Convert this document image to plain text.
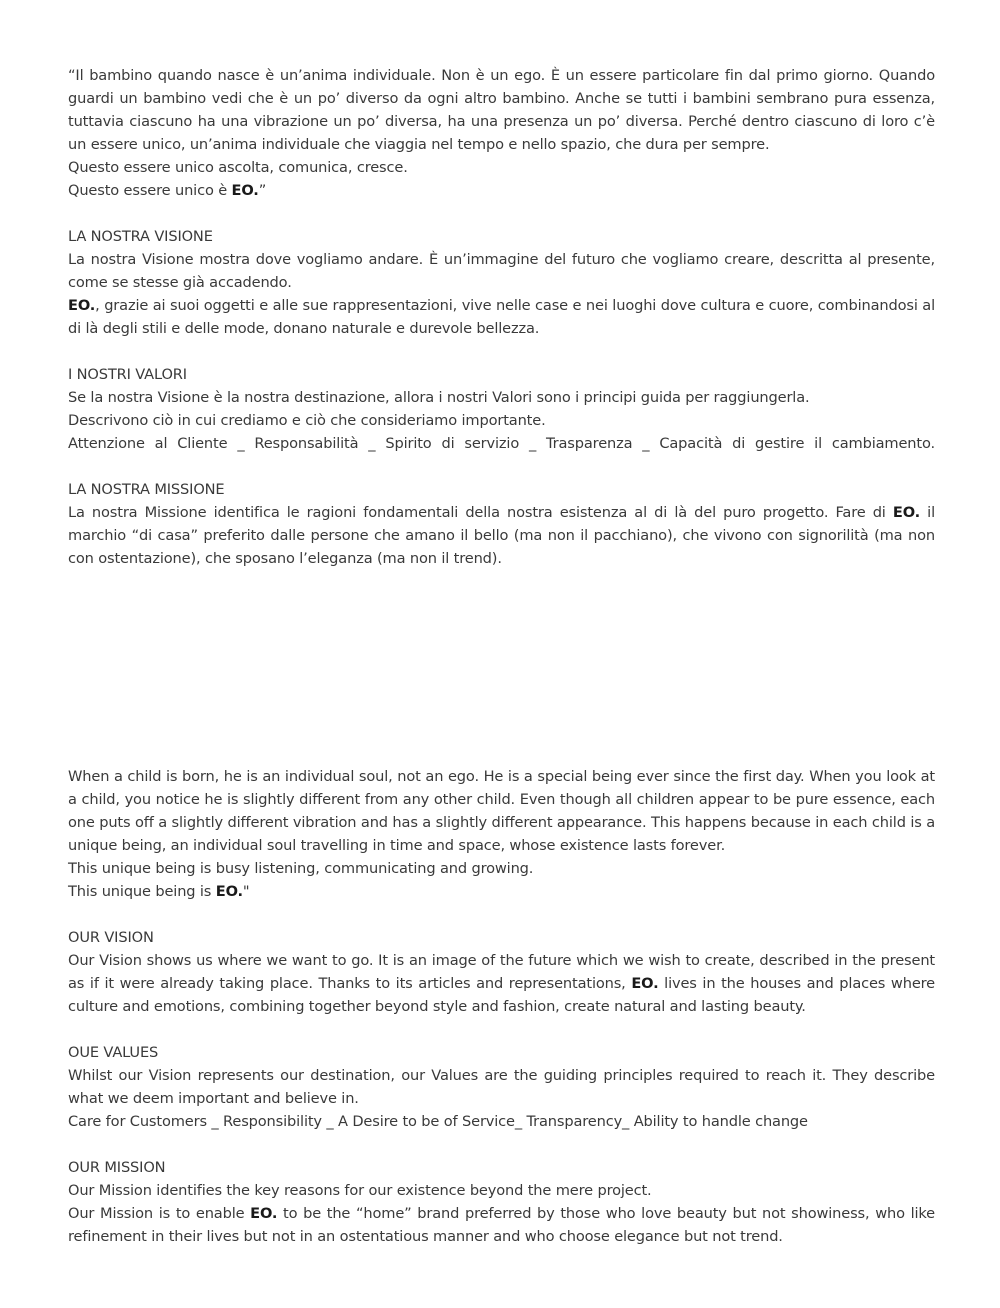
“Il bambino quando nasce è un’anima individuale. Non è un ego. È un essere particolare fin dal primo giorno. Quando guardi un bambino vedi che è un po’ diverso da ogni altro bambino. Anche se tutti i bambini sembrano pura essenza, tuttavia ciascuno ha una vibrazione un po’ diversa, ha una presenza un po’ diversa. Perché dentro ciascuno di loro c’è un essere unico, un’anima individuale che viaggia nel tempo e nello spazio, che dura per sempre.

Questo essere unico ascolta, comunica, cresce.

Questo essere unico è EO.”

LA NOSTRA VISIONE

La nostra Visione mostra dove vogliamo andare. È un’immagine del futuro che vogliamo creare, descritta al presente, come se stesse già accadendo.

EO., grazie ai suoi oggetti e alle sue rappresentazioni, vive nelle case e nei luoghi dove cultura e cuore, combinandosi al di là degli stili e delle mode, donano naturale e durevole bellezza.

I NOSTRI VALORI

Se la nostra Visione è la nostra destinazione, allora i nostri Valori sono i principi guida per raggiungerla.

Descrivono ciò in cui crediamo e ciò che consideriamo importante.

Attenzione al Cliente _ Responsabilità _ Spirito di servizio _ Trasparenza _ Capacità di gestire il cambiamento.

LA NOSTRA MISSIONE

La nostra Missione identifica le ragioni fondamentali della nostra esistenza al di là del puro progetto. Fare di EO. il marchio “di casa” preferito dalle persone che amano il bello (ma non il pacchiano), che vivono con signorilità (ma non con ostentazione), che sposano l’eleganza (ma non il trend).

When a child is born, he is an individual soul, not an ego. He is a special being ever since the first day. When you look at a child, you notice he is slightly different from any other child. Even though all children appear to be pure essence, each one puts off a slightly different vibration and has a slightly different appearance. This happens because in each child is a unique being, an individual soul travelling in time and space, whose existence lasts forever.

This unique being is busy listening, communicating and growing.

This unique being is EO."

OUR VISION

Our Vision shows us where we want to go. It is an image of the future which we wish to create, described in the present as if it were already taking place. Thanks to its articles and representations, EO. lives in the houses and places where culture and emotions, combining together beyond style and fashion, create natural and lasting beauty.

OUE VALUES

Whilst our Vision represents our destination, our Values are the guiding principles required to reach it. They describe what we deem important and believe in.

Care for Customers _ Responsibility _ A Desire to be of Service_ Transparency_ Ability to handle change

OUR MISSION

Our Mission identifies the key reasons for our existence beyond the mere project.

Our Mission is to enable EO. to be the “home” brand preferred by those who love beauty but not showiness, who like refinement in their lives but not in an ostentatious manner and who choose elegance but not trend.
